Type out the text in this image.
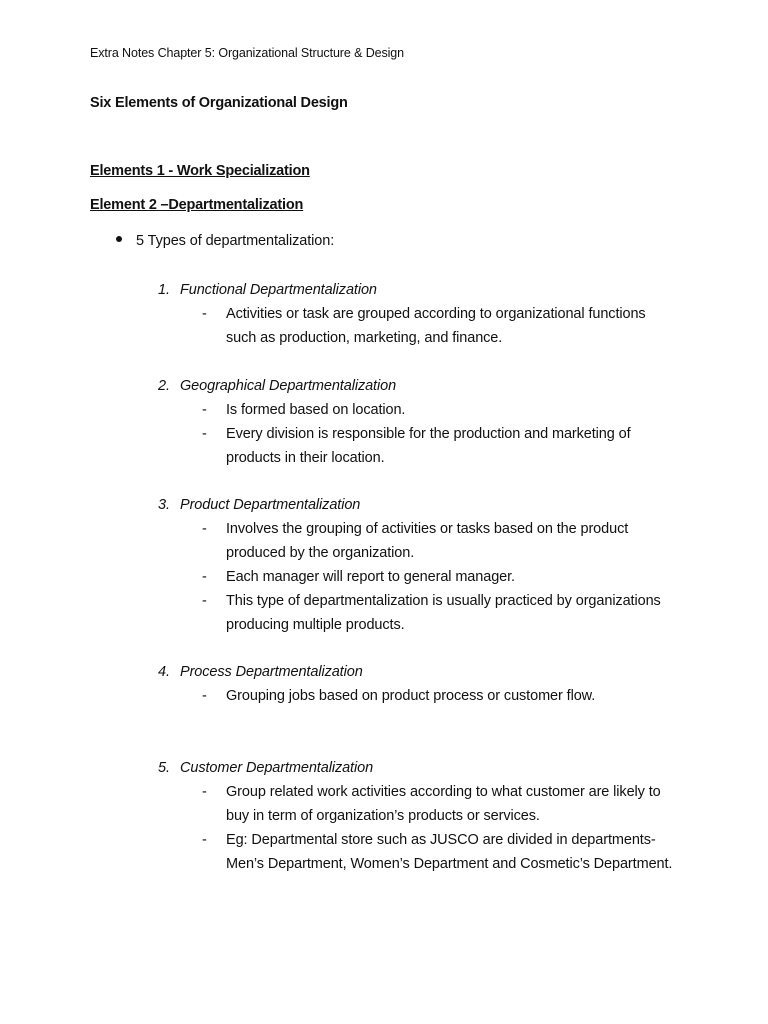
Extra Notes Chapter 5: Organizational Structure & Design
Six Elements of Organizational Design
Elements 1 - Work Specialization
Element 2 –Departmentalization
5 Types of departmentalization:
1. Functional Departmentalization
-	Activities or task are grouped according to organizational functions such as production, marketing, and finance.
2. Geographical Departmentalization
-	Is formed based on location.
-	Every division is responsible for the production and marketing of products in their location.
3. Product Departmentalization
-	Involves the grouping of activities or tasks based on the product produced by the organization.
-	Each manager will report to general manager.
-	This type of departmentalization is usually practiced by organizations producing multiple products.
4. Process Departmentalization
-	Grouping jobs based on product process or customer flow.
5. Customer Departmentalization
-	Group related work activities according to what customer are likely to buy in term of organization’s products or services.
-	Eg: Departmental store such as JUSCO are divided in departments- Men’s Department, Women’s Department and Cosmetic’s Department.
